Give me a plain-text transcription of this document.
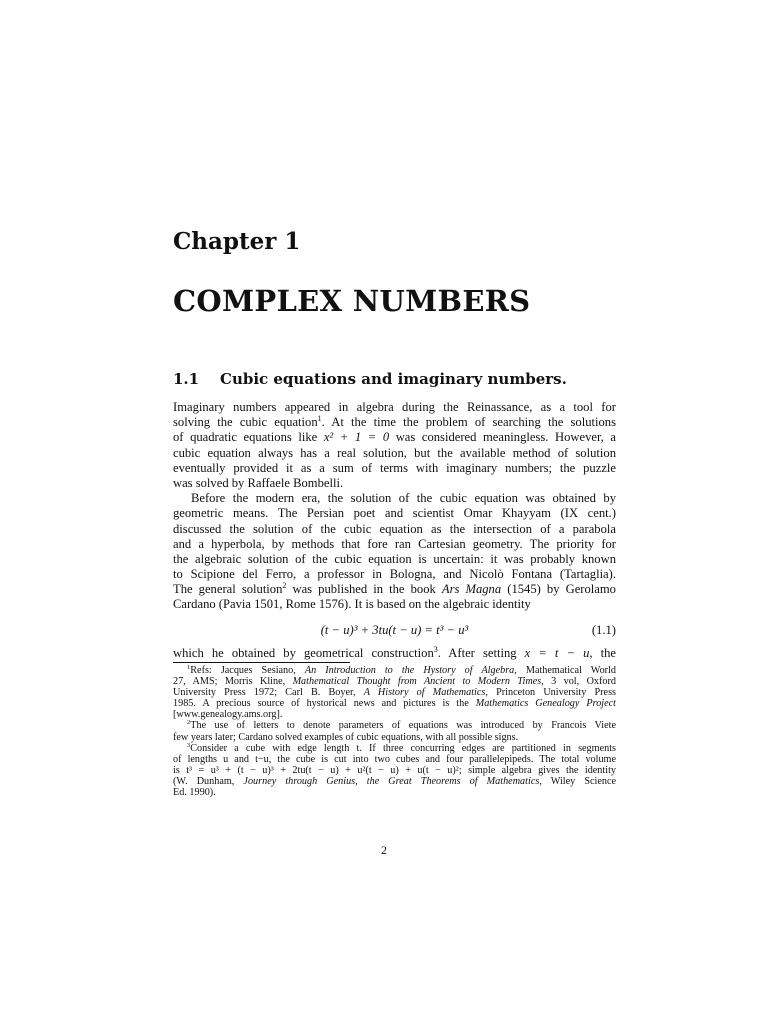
Chapter 1
COMPLEX NUMBERS
1.1 Cubic equations and imaginary numbers.
Imaginary numbers appeared in algebra during the Reinassance, as a tool for
solving the cubic equation$^1$. At the time the problem of searching the solutions
of quadratic equations like x² + 1 = 0 was considered meaningless. However, a
cubic equation always has a real solution, but the available method of solution
eventually provided it as a sum of terms with imaginary numbers; the puzzle
was solved by Raffaele Bombelli.
Before the modern era, the solution of the cubic equation was obtained by
geometric means. The Persian poet and scientist Omar Khayyam (IX cent.)
discussed the solution of the cubic equation as the intersection of a parabola
and a hyperbola, by methods that fore ran Cartesian geometry. The priority for
the algebraic solution of the cubic equation is uncertain: it was probably known
to Scipione del Ferro, a professor in Bologna, and Nicolò Fontana (Tartaglia).
The general solution$^2$ was published in the book Ars Magna (1545) by Gerolamo
Cardano (Pavia 1501, Rome 1576). It is based on the algebraic identity
(t − u)³ + 3tu(t − u) = t³ − u³	(1.1)
which he obtained by geometrical construction$^3$. After setting x = t − u, the
$^1$Refs: Jacques Sesiano, An Introduction to the Hystory of Algebra, Mathematical World
27, AMS; Morris Kline, Mathematical Thought from Ancient to Modern Times, 3 vol, Oxford
University Press 1972; Carl B. Boyer, A History of Mathematics, Princeton University Press
1985. A precious source of hystorical news and pictures is the Mathematics Genealogy Project
[www.genealogy.ams.org].
$^2$The use of letters to denote parameters of equations was introduced by Francois Viete
few years later; Cardano solved examples of cubic equations, with all possible signs.
$^3$Consider a cube with edge length t. If three concurring edges are partitioned in segments
of lengths u and t−u, the cube is cut into two cubes and four parallelepipeds. The total volume
is t³ = u³ + (t − u)³ + 2tu(t − u) + u²(t − u) + u(t − u)²; simple algebra gives the identity
(W. Dunham, Journey through Genius, the Great Theorems of Mathematics, Wiley Science
Ed. 1990).
2
